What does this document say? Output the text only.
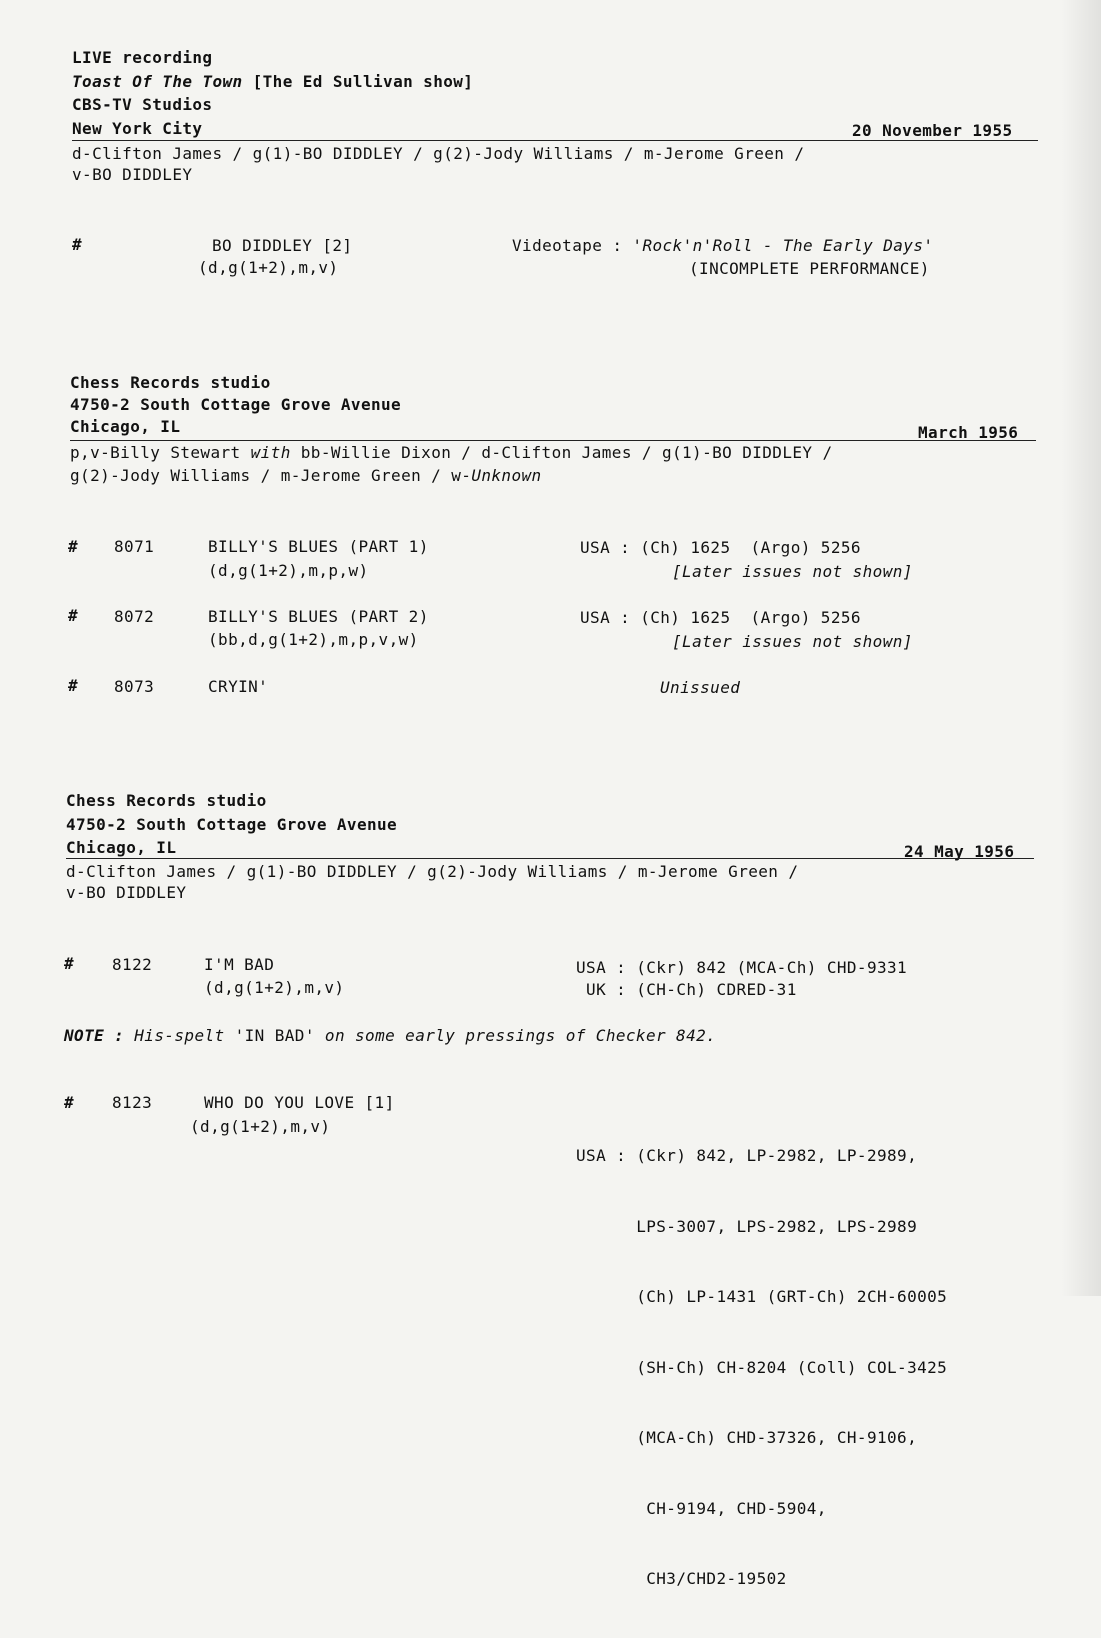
LIVE recording
Toast Of The Town [The Ed Sullivan show]
CBS-TV Studios
New York City	20 November 1955
d-Clifton James / g(1)-BO DIDDLEY / g(2)-Jody Williams / m-Jerome Green /
v-BO DIDDLEY
#	BO DIDDLEY [2]
(d,g(1+2),m,v)
Videotape : 'Rock'n'Roll - The Early Days'
(INCOMPLETE PERFORMANCE)
Chess Records studio
4750-2 South Cottage Grove Avenue
Chicago, IL	March 1956
p,v-Billy Stewart with bb-Willie Dixon / d-Clifton James / g(1)-BO DIDDLEY /
g(2)-Jody Williams / m-Jerome Green / w-Unknown
# 8071	BILLY'S BLUES (PART 1)
(d,g(1+2),m,p,w)
USA : (Ch) 1625  (Argo) 5256
[Later issues not shown]
# 8072	BILLY'S BLUES (PART 2)
(bb,d,g(1+2),m,p,v,w)
USA : (Ch) 1625  (Argo) 5256
[Later issues not shown]
# 8073	CRYIN'	Unissued
Chess Records studio
4750-2 South Cottage Grove Avenue
Chicago, IL	24 May 1956
d-Clifton James / g(1)-BO DIDDLEY / g(2)-Jody Williams / m-Jerome Green /
v-BO DIDDLEY
# 8122	I'M BAD
(d,g(1+2),m,v)
USA : (Ckr) 842 (MCA-Ch) CHD-9331
UK : (CH-Ch) CDRED-31
NOTE : His-spelt 'IN BAD' on some early pressings of Checker 842.
# 8123	WHO DO YOU LOVE [1]
(d,g(1+2),m,v)

USA : (Ckr) 842, LP-2982, LP-2989,

LPS-3007, LPS-2982, LPS-2989

(Ch) LP-1431 (GRT-Ch) 2CH-60005

(SH-Ch) CH-8204 (Coll) COL-3425

(MCA-Ch) CHD-37326, CH-9106,

CH-9194, CHD-5904,

CH3/CHD2-19502
